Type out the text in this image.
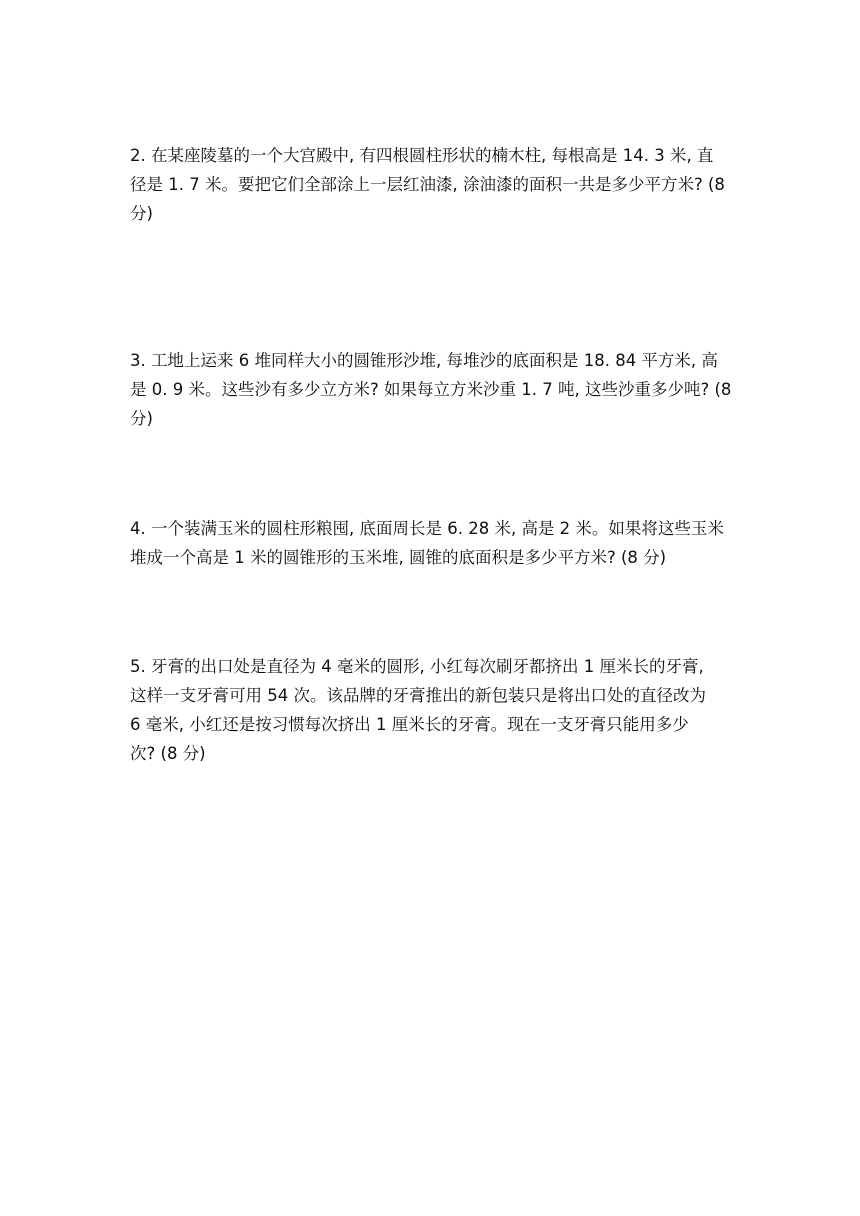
2. 在某座陵墓的一个大宫殿中, 有四根圆柱形状的楠木柱, 每根高是 14. 3 米, 直
径是 1. 7 米。要把它们全部涂上一层红油漆, 涂油漆的面积一共是多少平方米? (8
分)
3. 工地上运来 6 堆同样大小的圆锥形沙堆, 每堆沙的底面积是 18. 84 平方米, 高
是 0. 9 米。这些沙有多少立方米? 如果每立方米沙重 1. 7 吨, 这些沙重多少吨? (8
分)
4. 一个装满玉米的圆柱形粮囤, 底面周长是 6. 28 米, 高是 2 米。如果将这些玉米
堆成一个高是 1 米的圆锥形的玉米堆, 圆锥的底面积是多少平方米? (8 分)
5. 牙膏的出口处是直径为 4 毫米的圆形, 小红每次刷牙都挤出 1 厘米长的牙膏,
这样一支牙膏可用 54 次。该品牌的牙膏推出的新包装只是将出口处的直径改为
6 毫米, 小红还是按习惯每次挤出 1 厘米长的牙膏。现在一支牙膏只能用多少
次? (8 分)
